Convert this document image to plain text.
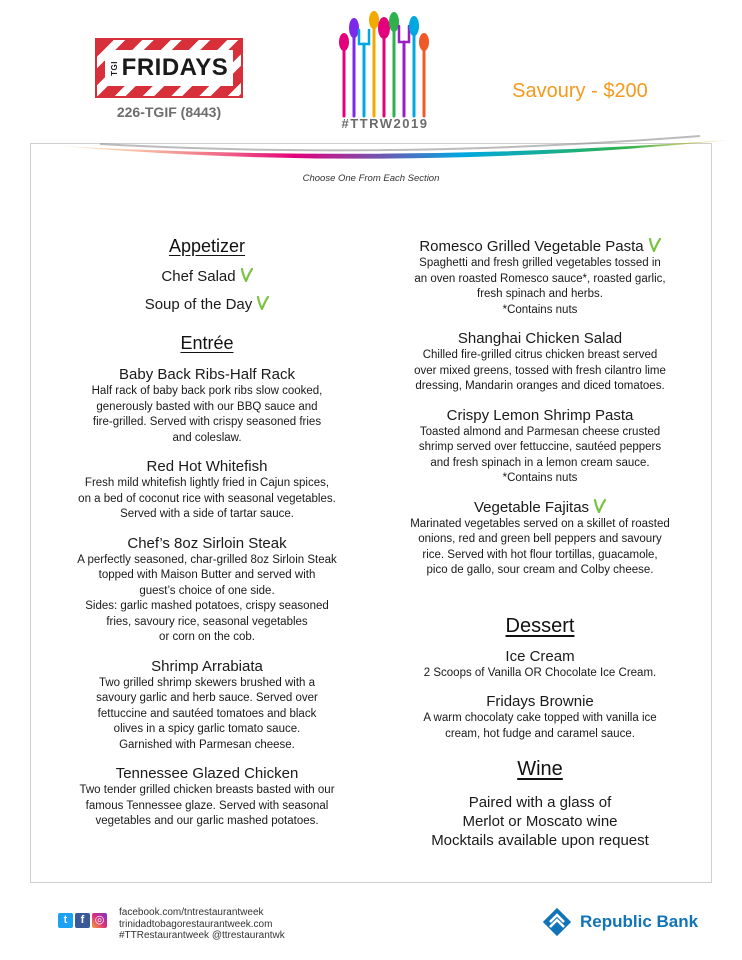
TGI FRIDAYS
226-TGIF (8443)
#TTRW2019
Savoury - $200
Choose One From Each Section
Appetizer
Chef Salad
Soup of the Day
Entrée
Baby Back Ribs-Half Rack
Half rack of baby back pork ribs slow cooked,
generously basted with our BBQ sauce and
fire-grilled. Served with crispy seasoned fries
and coleslaw.
Red Hot Whitefish
Fresh mild whitefish lightly fried in Cajun spices,
on a bed of coconut rice with seasonal vegetables.
Served with a side of tartar sauce.
Chef’s 8oz Sirloin Steak
A perfectly seasoned, char-grilled 8oz Sirloin Steak
topped with Maison Butter and served with
guest’s choice of one side.
Sides: garlic mashed potatoes, crispy seasoned
fries, savoury rice, seasonal vegetables
or corn on the cob.
Shrimp Arrabiata
Two grilled shrimp skewers brushed with a
savoury garlic and herb sauce. Served over
fettuccine and sautéed tomatoes and black
olives in a spicy garlic tomato sauce.
Garnished with Parmesan cheese.
Tennessee Glazed Chicken
Two tender grilled chicken breasts basted with our
famous Tennessee glaze. Served with seasonal
vegetables and our garlic mashed potatoes.
Romesco Grilled Vegetable Pasta
Spaghetti and fresh grilled vegetables tossed in
an oven roasted Romesco sauce*, roasted garlic,
fresh spinach and herbs.
*Contains nuts
Shanghai Chicken Salad
Chilled fire-grilled citrus chicken breast served
over mixed greens, tossed with fresh cilantro lime
dressing, Mandarin oranges and diced tomatoes.
Crispy Lemon Shrimp Pasta
Toasted almond and Parmesan cheese crusted
shrimp served over fettuccine, sautéed peppers
and fresh spinach in a lemon cream sauce.
*Contains nuts
Vegetable Fajitas
Marinated vegetables served on a skillet of roasted
onions, red and green bell peppers and savoury
rice. Served with hot flour tortillas, guacamole,
pico de gallo, sour cream and Colby cheese.
Dessert
Ice Cream
2 Scoops of Vanilla OR Chocolate Ice Cream.
Fridays Brownie
A warm chocolaty cake topped with vanilla ice
cream, hot fudge and caramel sauce.
Wine
Paired with a glass of
Merlot or Moscato wine
Mocktails available upon request
t f ◎
facebook.com/tntrestaurantweek
trinidadtobagorestaurantweek.com
#TTRestaurantweek @ttrestaurantwk
Republic Bank
